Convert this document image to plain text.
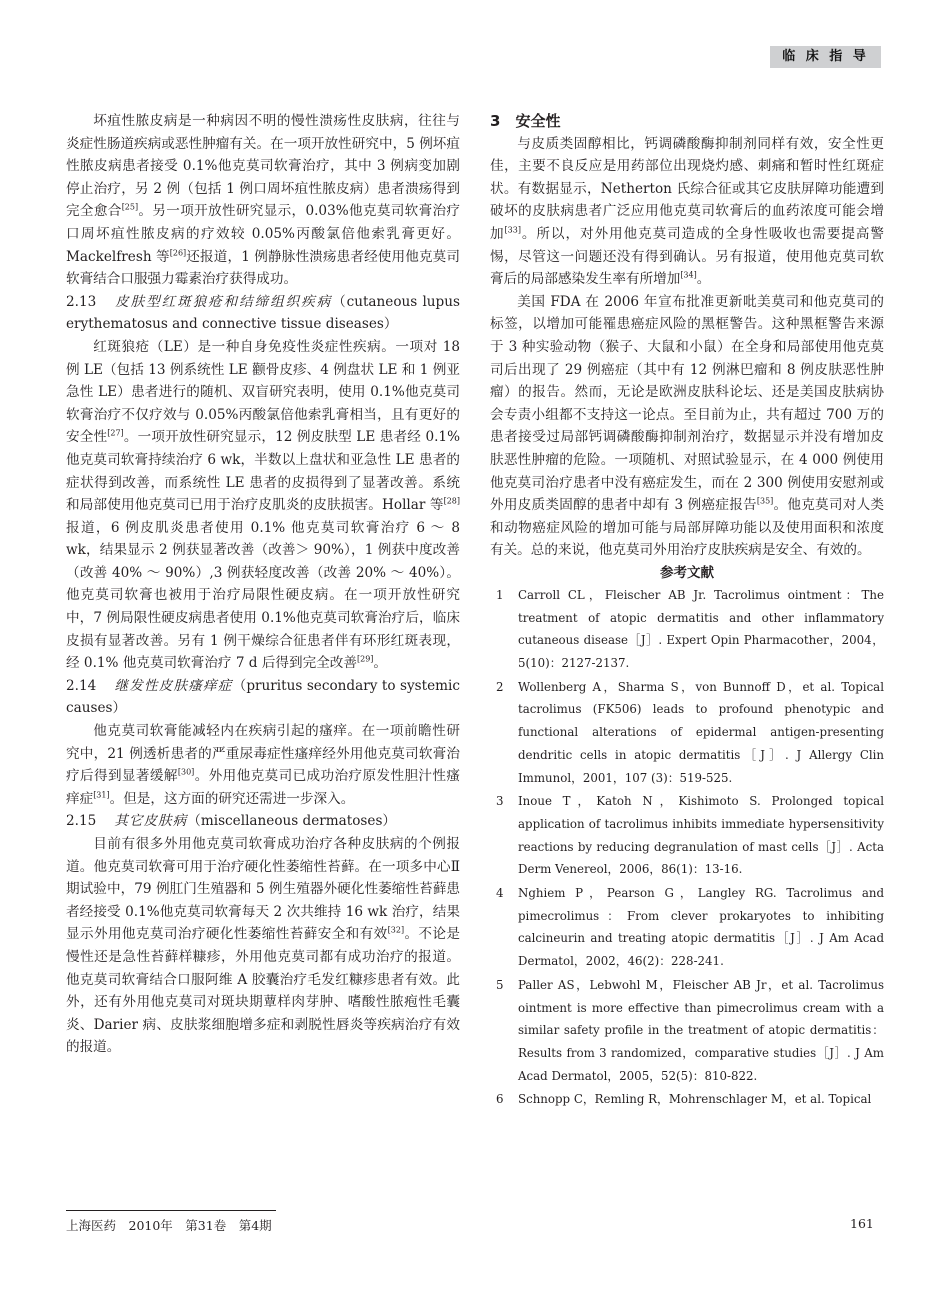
临 床 指 导

坏疽性脓皮病是一种病因不明的慢性溃疡性皮肤病，往往与炎症性肠道疾病或恶性肿瘤有关。在一项开放性研究中，5 例坏疽性脓皮病患者接受 0.1%他克莫司软膏治疗，其中 3 例病变加剧停止治疗，另 2 例（包括 1 例口周坏疽性脓皮病）患者溃疡得到完全愈合[25]。另一项开放性研究显示，0.03%他克莫司软膏治疗口周坏疽性脓皮病的疗效较 0.05%丙酸氯倍他索乳膏更好。Mackelfresh 等[26]还报道，1 例静脉性溃疡患者经使用他克莫司软膏结合口服强力霉素治疗获得成功。

2.13 皮肤型红斑狼疮和结缔组织疾病（cutaneous lupus erythematosus and connective tissue diseases）

红斑狼疮（LE）是一种自身免疫性炎症性疾病。一项对 18 例 LE（包括 13 例系统性 LE 颧骨皮疹、4 例盘状 LE 和 1 例亚急性 LE）患者进行的随机、双盲研究表明，使用 0.1%他克莫司软膏治疗不仅疗效与 0.05%丙酸氯倍他索乳膏相当，且有更好的安全性[27]。一项开放性研究显示，12 例皮肤型 LE 患者经 0.1%他克莫司软膏持续治疗 6 wk，半数以上盘状和亚急性 LE 患者的症状得到改善，而系统性 LE 患者的皮损得到了显著改善。系统和局部使用他克莫司已用于治疗皮肌炎的皮肤损害。Hollar 等[28]报道，6 例皮肌炎患者使用 0.1% 他克莫司软膏治疗 6 ～ 8 wk，结果显示 2 例获显著改善（改善＞ 90%），1 例获中度改善（改善 40% ～ 90%）,3 例获轻度改善（改善 20% ～ 40%）。他克莫司软膏也被用于治疗局限性硬皮病。在一项开放性研究中，7 例局限性硬皮病患者使用 0.1%他克莫司软膏治疗后，临床皮损有显著改善。另有 1 例干燥综合征患者伴有环形红斑表现，经 0.1% 他克莫司软膏治疗 7 d 后得到完全改善[29]。

2.14 继发性皮肤瘙痒症（pruritus secondary to systemic causes）

他克莫司软膏能减轻内在疾病引起的瘙痒。在一项前瞻性研究中，21 例透析患者的严重尿毒症性瘙痒经外用他克莫司软膏治疗后得到显著缓解[30]。外用他克莫司已成功治疗原发性胆汁性瘙痒症[31]。但是，这方面的研究还需进一步深入。

2.15 其它皮肤病（miscellaneous dermatoses）

目前有很多外用他克莫司软膏成功治疗各种皮肤病的个例报道。他克莫司软膏可用于治疗硬化性萎缩性苔藓。在一项多中心Ⅱ期试验中，79 例肛门生殖器和 5 例生殖器外硬化性萎缩性苔藓患者经接受 0.1%他克莫司软膏每天 2 次共维持 16 wk 治疗，结果显示外用他克莫司治疗硬化性萎缩性苔藓安全和有效[32]。不论是慢性还是急性苔藓样糠疹，外用他克莫司都有成功治疗的报道。他克莫司软膏结合口服阿维 A 胶囊治疗毛发红糠疹患者有效。此外，还有外用他克莫司对斑块期蕈样肉芽肿、嗜酸性脓疱性毛囊炎、Darier 病、皮肤浆细胞增多症和剥脱性唇炎等疾病治疗有效的报道。

3　 安全性

与皮质类固醇相比，钙调磷酸酶抑制剂同样有效，安全性更佳，主要不良反应是用药部位出现烧灼感、刺痛和暂时性红斑症状。有数据显示，Netherton 氏综合征或其它皮肤屏障功能遭到破坏的皮肤病患者广泛应用他克莫司软膏后的血药浓度可能会增加[33]。所以，对外用他克莫司造成的全身性吸收也需要提高警惕，尽管这一问题还没有得到确认。另有报道，使用他克莫司软膏后的局部感染发生率有所增加[34]。

美国 FDA 在 2006 年宣布批准更新吡美莫司和他克莫司的标签，以增加可能罹患癌症风险的黑框警告。这种黑框警告来源于 3 种实验动物（猴子、大鼠和小鼠）在全身和局部使用他克莫司后出现了 29 例癌症（其中有 12 例淋巴瘤和 8 例皮肤恶性肿瘤）的报告。然而，无论是欧洲皮肤科论坛、还是美国皮肤病协会专责小组都不支持这一论点。至目前为止，共有超过 700 万的患者接受过局部钙调磷酸酶抑制剂治疗，数据显示并没有增加皮肤恶性肿瘤的危险。一项随机、对照试验显示，在 4 000 例使用他克莫司治疗患者中没有癌症发生，而在 2 300 例使用安慰剂或外用皮质类固醇的患者中却有 3 例癌症报告[35]。他克莫司对人类和动物癌症风险的增加可能与局部屏障功能以及使用面积和浓度有关。总的来说，他克莫司外用治疗皮肤疾病是安全、有效的。

参考文献

1 Carroll CL，Fleischer AB Jr. Tacrolimus ointment：The treatment of atopic dermatitis and other inflammatory cutaneous disease［J］. Expert Opin Pharmacother，2004，5(10)：2127-2137.
2 Wollenberg A，Sharma S，von Bunnoff D，et al. Topical tacrolimus (FK506) leads to profound phenotypic and functional alterations of epidermal antigen-presenting dendritic cells in atopic dermatitis［J］. J Allergy Clin Immunol，2001，107 (3)：519-525.
3 Inoue T，Katoh N，Kishimoto S. Prolonged topical application of tacrolimus inhibits immediate hypersensitivity reactions by reducing degranulation of mast cells［J］. Acta Derm Venereol，2006，86(1)：13-16.
4 Nghiem P，Pearson G，Langley RG. Tacrolimus and pimecrolimus：From clever prokaryotes to inhibiting calcineurin and treating atopic dermatitis［J］. J Am Acad Dermatol，2002，46(2)：228-241.
5 Paller AS，Lebwohl M，Fleischer AB Jr，et al. Tacrolimus ointment is more effective than pimecrolimus cream with a similar safety profile in the treatment of atopic dermatitis：Results from 3 randomized，comparative studies［J］. J Am Acad Dermatol，2005，52(5)：810-822.
6 Schnopp C，Remling R，Mohrenschlager M，et al. Topical
上海医药　2010年　第31卷　第4期	161
